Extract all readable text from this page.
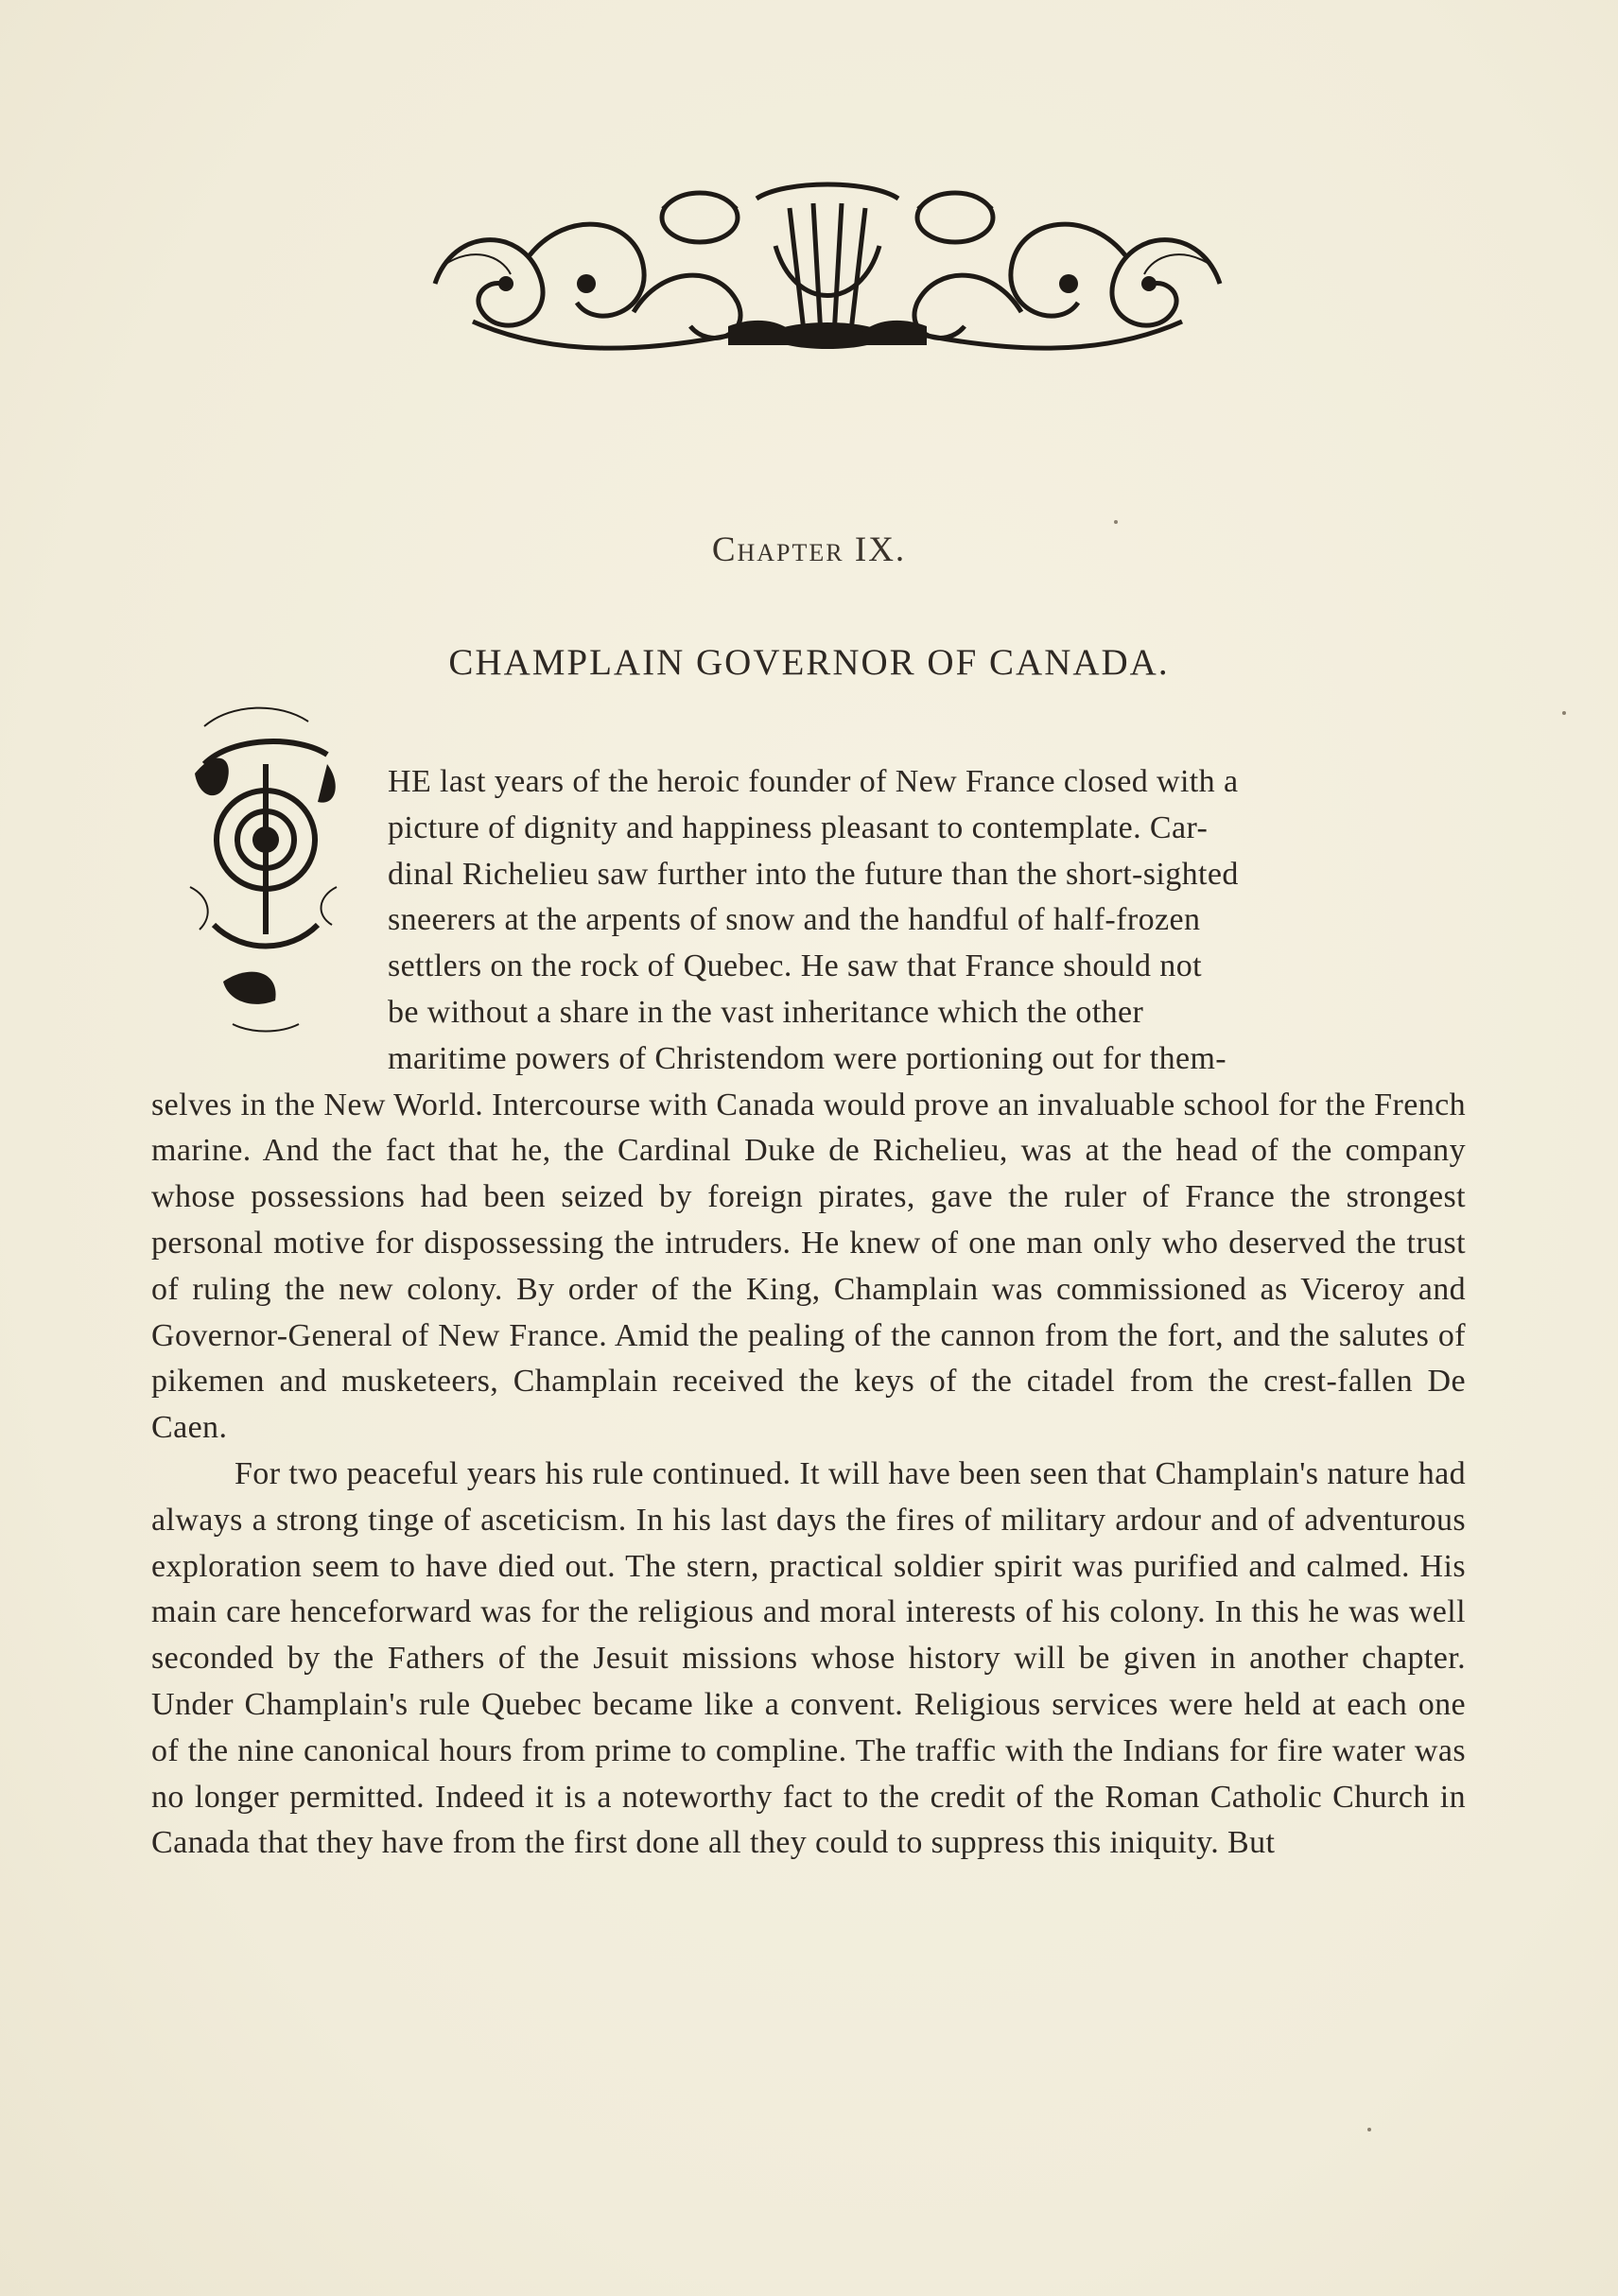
Chapter IX.
CHAMPLAIN GOVERNOR OF CANADA.
HE last years of the heroic founder of New France closed with a
picture of dignity and happiness pleasant to contemplate. Car-
dinal Richelieu saw further into the future than the short-sighted
sneerers at the arpents of snow and the handful of half-frozen
settlers on the rock of Quebec. He saw that France should not
be without a share in the vast inheritance which the other
maritime powers of Christendom were portioning out for them-

selves in the New World. Intercourse with Canada would prove an invaluable school for the French marine. And the fact that he, the Cardinal Duke de Richelieu, was at the head of the company whose possessions had been seized by foreign pirates, gave the ruler of France the strongest personal motive for dispossessing the intruders. He knew of one man only who deserved the trust of ruling the new colony. By order of the King, Champlain was commissioned as Viceroy and Governor-General of New France. Amid the pealing of the cannon from the fort, and the salutes of pikemen and musketeers, Champlain received the keys of the citadel from the crest-fallen De Caen.

For two peaceful years his rule continued. It will have been seen that Champlain's nature had always a strong tinge of asceticism. In his last days the fires of military ardour and of adventurous exploration seem to have died out. The stern, practical soldier spirit was purified and calmed. His main care henceforward was for the religious and moral interests of his colony. In this he was well seconded by the Fathers of the Jesuit missions whose history will be given in another chapter. Under Champlain's rule Quebec became like a convent. Religious services were held at each one of the nine canonical hours from prime to compline. The traffic with the Indians for fire water was no longer permitted. Indeed it is a noteworthy fact to the credit of the Roman Catholic Church in Canada that they have from the first done all they could to suppress this iniquity. But
